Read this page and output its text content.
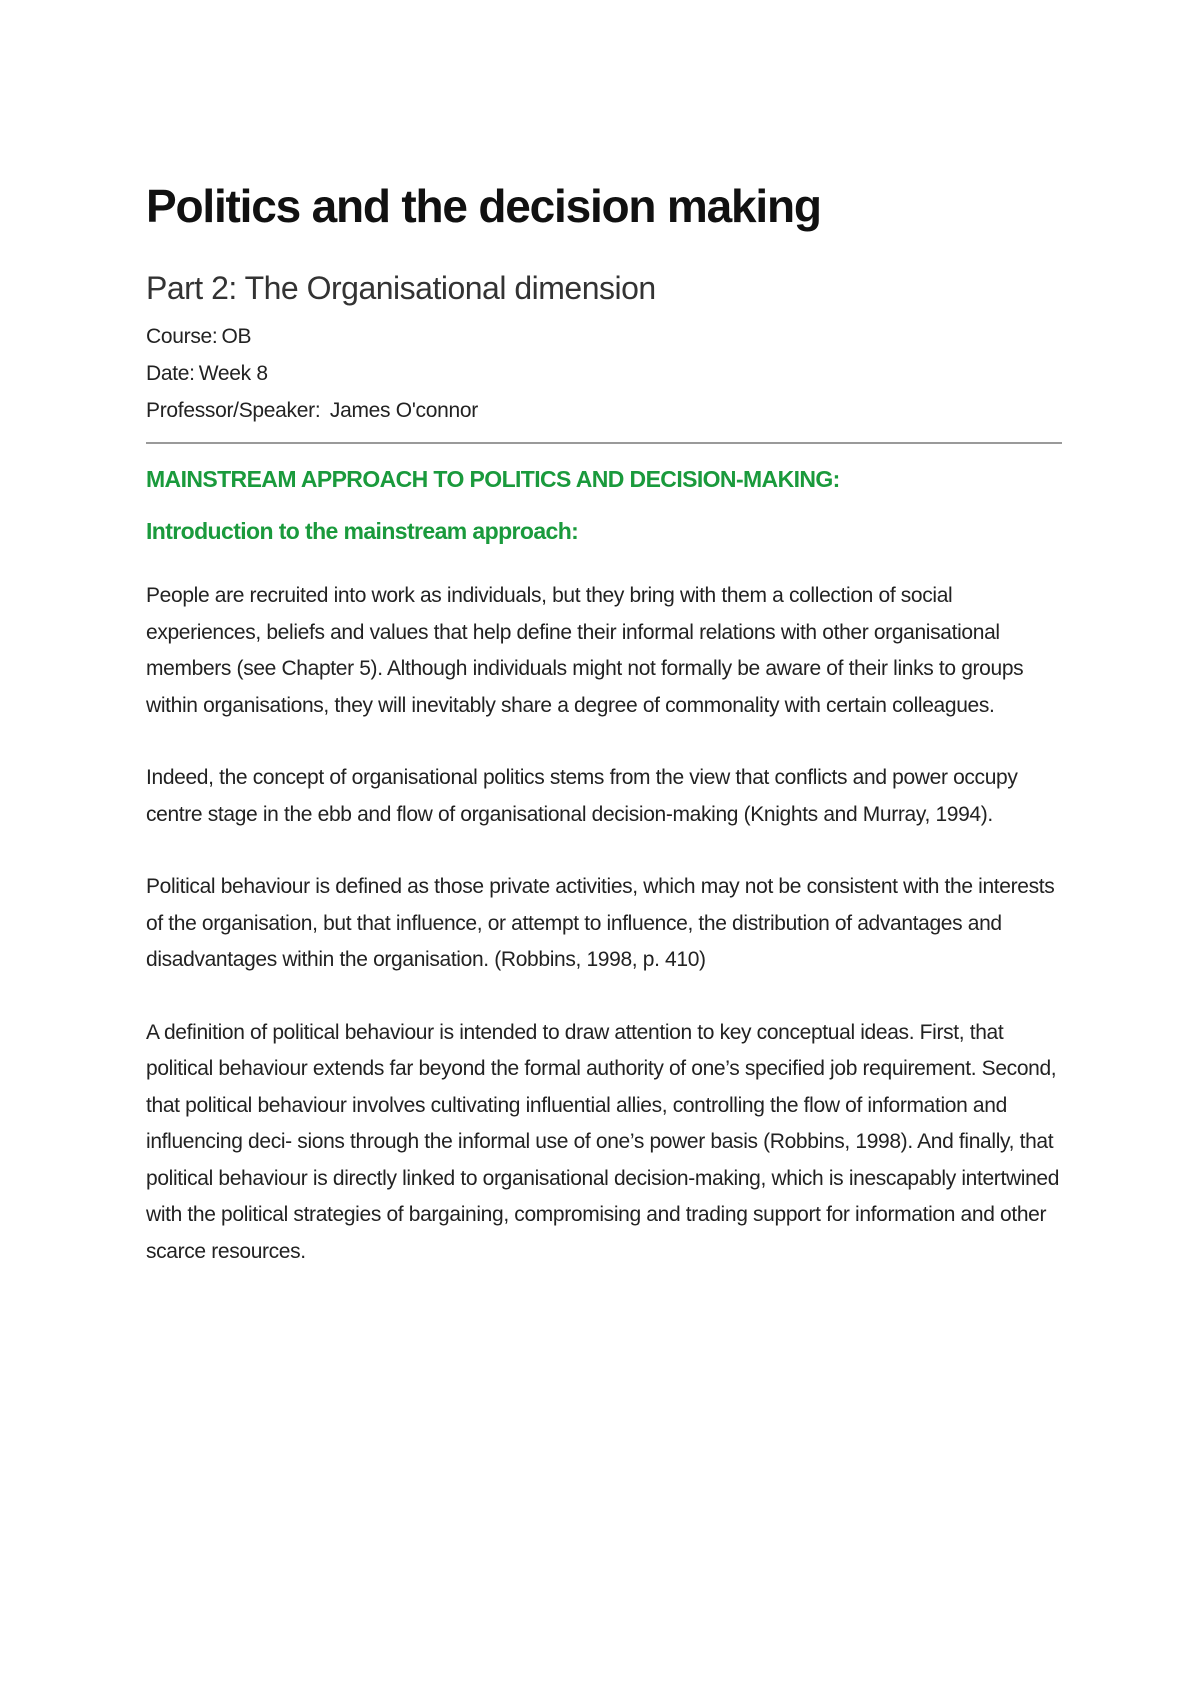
Politics and the decision making
Part 2: The Organisational dimension
Course: OB
Date: Week 8
Professor/Speaker: James O'connor
MAINSTREAM APPROACH TO POLITICS AND DECISION-MAKING:
Introduction to the mainstream approach:

People are recruited into work as individuals, but they bring with them a collection of social experiences, beliefs and values that help define their informal relations with other organisational members (see Chapter 5). Although individuals might not formally be aware of their links to groups within organisations, they will inevitably share a degree of commonality with certain colleagues.

Indeed, the concept of organisational politics stems from the view that conflicts and power occupy centre stage in the ebb and flow of organisational decision-making (Knights and Murray, 1994).

Political behaviour is defined as those private activities, which may not be consistent with the interests of the organisation, but that influence, or attempt to influence, the distribution of advantages and disadvantages within the organisation. (Robbins, 1998, p. 410)

A definition of political behaviour is intended to draw attention to key conceptual ideas. First, that political behaviour extends far beyond the formal authority of one’s specified job requirement. Second, that political behaviour involves cultivating influential allies, controlling the flow of information and influencing deci- sions through the informal use of one’s power basis (Robbins, 1998). And finally, that political behaviour is directly linked to organisational decision-making, which is inescapably intertwined with the political strategies of bargaining, compromising and trading support for information and other scarce resources.
